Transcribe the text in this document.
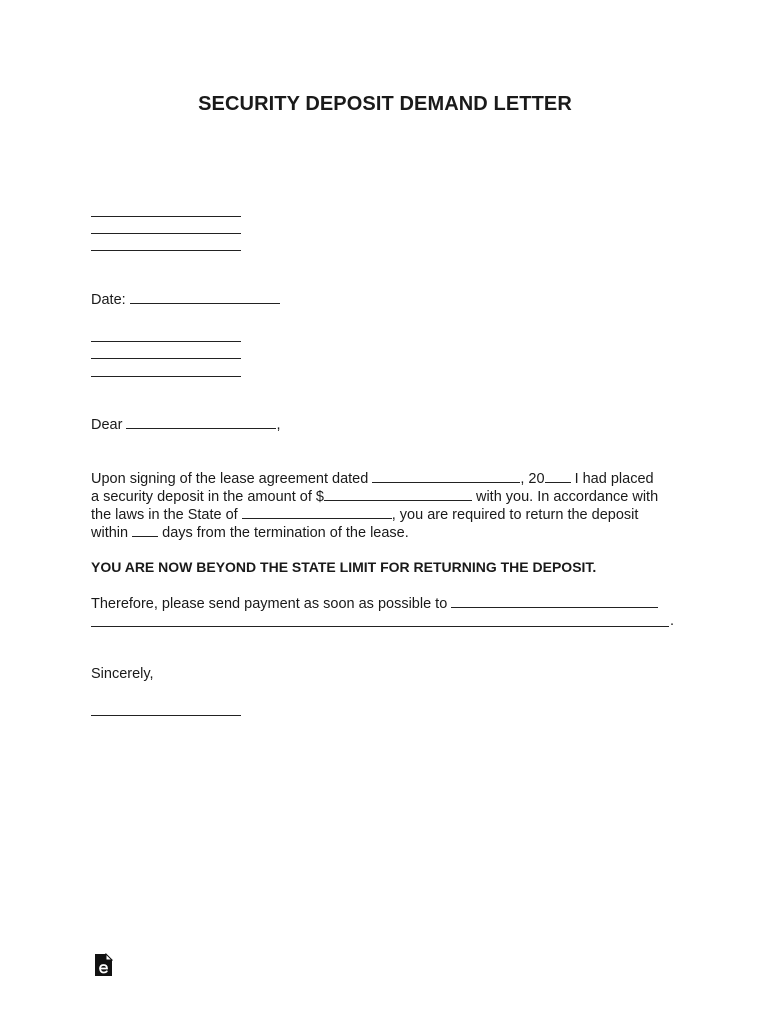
SECURITY DEPOSIT DEMAND LETTER
Date:
Dear	,
Upon signing of the lease agreement dated	, 20 I had placed
a security deposit in the amount of $	with you. In accordance with
the laws in the State of	, you are required to return the deposit
within days from the termination of the lease.
YOU ARE NOW BEYOND THE STATE LIMIT FOR RETURNING THE DEPOSIT.
Therefore, please send payment as soon as possible to
.
Sincerely,
